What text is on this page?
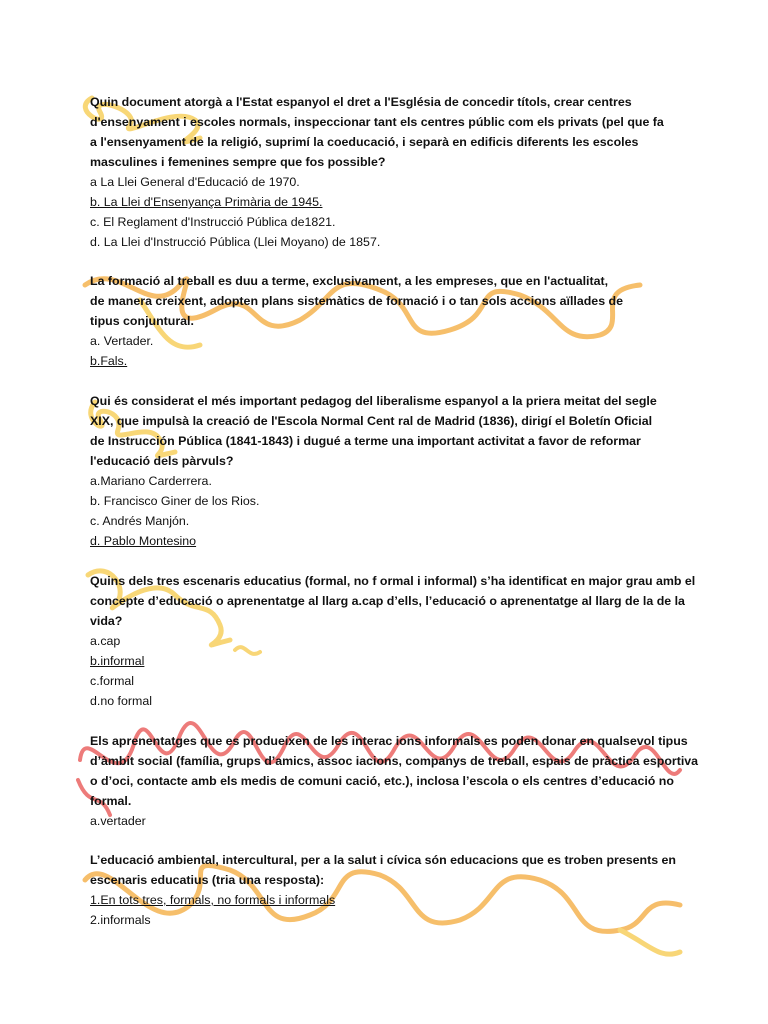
Quin document atorgà a l'Estat espanyol el dret a l'Església de concedir títols, crear centres
d'ensenyament i escoles normals, inspeccionar tant els centres públic com els privats (pel que fa
a l'ensenyament de la religió, suprimí la coeducació, i separà en edificis diferents les escoles
masculines i femenines sempre que fos possible?
a La Llei General d'Educació de 1970.
b. La Llei d'Ensenyança Primària de 1945.
c. El Reglament d'Instrucció Pública de1821.
d. La Llei d'Instrucció Pública (Llei Moyano) de 1857.
La formació al treball es duu a terme, exclusivament, a les empreses, que en l'actualitat,
de manera creixent, adopten plans sistemàtics de formació i o tan sols accions aïllades de
tipus conjuntural.
a. Vertader.
b.Fals.
Qui és considerat el més important pedagog del liberalisme espanyol a la priera meitat del segle
XIX, que impulsà la creació de l'Escola Normal Cent ral de Madrid (1836), dirigí el Boletín Oficial
de Instrucción Pública (1841-1843) i dugué a terme una important activitat a favor de reformar
l'educació dels pàrvuls?
a.Mariano Carderrera.
b. Francisco Giner de los Rios.
c. Andrés Manjón.
d. Pablo Montesino
Quins dels tres escenaris educatius (formal, no f ormal i informal) s’ha identificat en major grau amb el
concepte d’educació o aprenentatge al llarg a.cap d’ells, l’educació o aprenentatge al llarg de la de la
vida?
a.cap
b.informal
c.formal
d.no formal
Els aprenentatges que es produeixen de les interac ions informals es poden donar en qualsevol tipus
d’àmbit social (família, grups d’amics, assoc iacions, companys de treball, espais de pràctica esportiva
o d’oci, contacte amb els medis de comuni cació, etc.), inclosa l’escola o els centres d’educació no
formal.
a.vertader
L’educació ambiental, intercultural, per a la salut i cívica són educacions que es troben presents en
escenaris educatius (tria una resposta):
1.En tots tres, formals, no formals i informals
2.informals
